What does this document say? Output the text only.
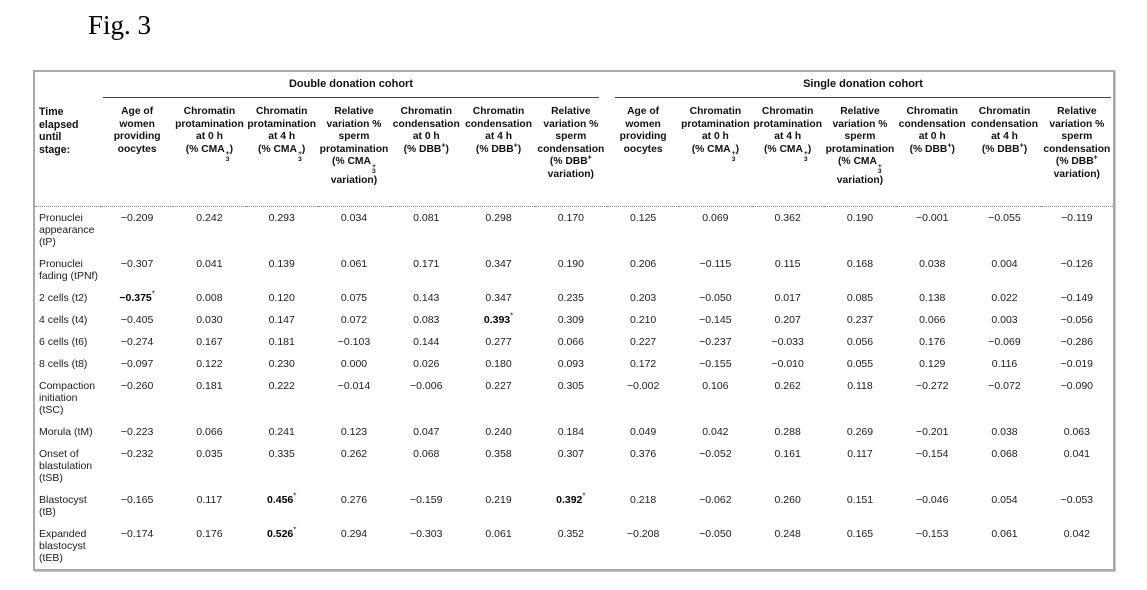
Fig. 3

	Double donation cohort							Single donation cohort						

Time
elapsed
until
stage:	Age of
women
providing
oocytes	Chromatin
protamination
at 0 h
(% CMA +
3
)	Chromatin
protamination
at 4 h
(% CMA +
3
)	Relative
variation %
sperm
protamination
(% CMA +
3

variation)	Chromatin
condensation
at 0 h
(% DBB+)	Chromatin
condensation
at 4 h
(% DBB+)	Relative
variation %
sperm
condensation
(% DBB+
variation)	Age of
women
providing
oocytes	Chromatin
protamination
at 0 h
(% CMA +
3
)	Chromatin
protamination
at 4 h
(% CMA +
3
)	Relative
variation %
sperm
protamination
(% CMA +
3

variation)	Chromatin
condensation
at 0 h
(% DBB+)	Chromatin
condensation
at 4 h
(% DBB+)	Relative
variation %
sperm
condensation
(% DBB+
variation)
Pronuclei
appearance
(tP)	−0.209	0.242	0.293	0.034	0.081	0.298	0.170	0.125	0.069	0.362	0.190	−0.001	−0.055	−0.119
Pronuclei
fading (tPNf)	−0.307	0.041	0.139	0.061	0.171	0.347	0.190	0.206	−0.115	0.115	0.168	0.038	0.004	−0.126
2 cells (t2)	−0.375*	0.008	0.120	0.075	0.143	0.347	0.235	0.203	−0.050	0.017	0.085	0.138	0.022	−0.149
4 cells (t4)	−0.405	0.030	0.147	0.072	0.083	0.393*	0.309	0.210	−0.145	0.207	0.237	0.066	0.003	−0.056
6 cells (t6)	−0.274	0.167	0.181	−0.103	0.144	0.277	0.066	0.227	−0.237	−0.033	0.056	0.176	−0.069	−0.286
8 cells (t8)	−0.097	0.122	0.230	0.000	0.026	0.180	0.093	0.172	−0.155	−0.010	0.055	0.129	0.116	−0.019
Compaction
initiation
(tSC)	−0.260	0.181	0.222	−0.014	−0.006	0.227	0.305	−0.002	0.106	0.262	0.118	−0.272	−0.072	−0.090
Morula (tM)	−0.223	0.066	0.241	0.123	0.047	0.240	0.184	0.049	0.042	0.288	0.269	−0.201	0.038	0.063
Onset of
blastulation
(tSB)	−0.232	0.035	0.335	0.262	0.068	0.358	0.307	0.376	−0.052	0.161	0.117	−0.154	0.068	0.041
Blastocyst
(tB)	−0.165	0.117	0.456*	0.276	−0.159	0.219	0.392*	0.218	−0.062	0.260	0.151	−0.046	0.054	−0.053
Expanded
blastocyst
(tEB)	−0.174	0.176	0.526*	0.294	−0.303	0.061	0.352	−0.208	−0.050	0.248	0.165	−0.153	0.061	0.042
